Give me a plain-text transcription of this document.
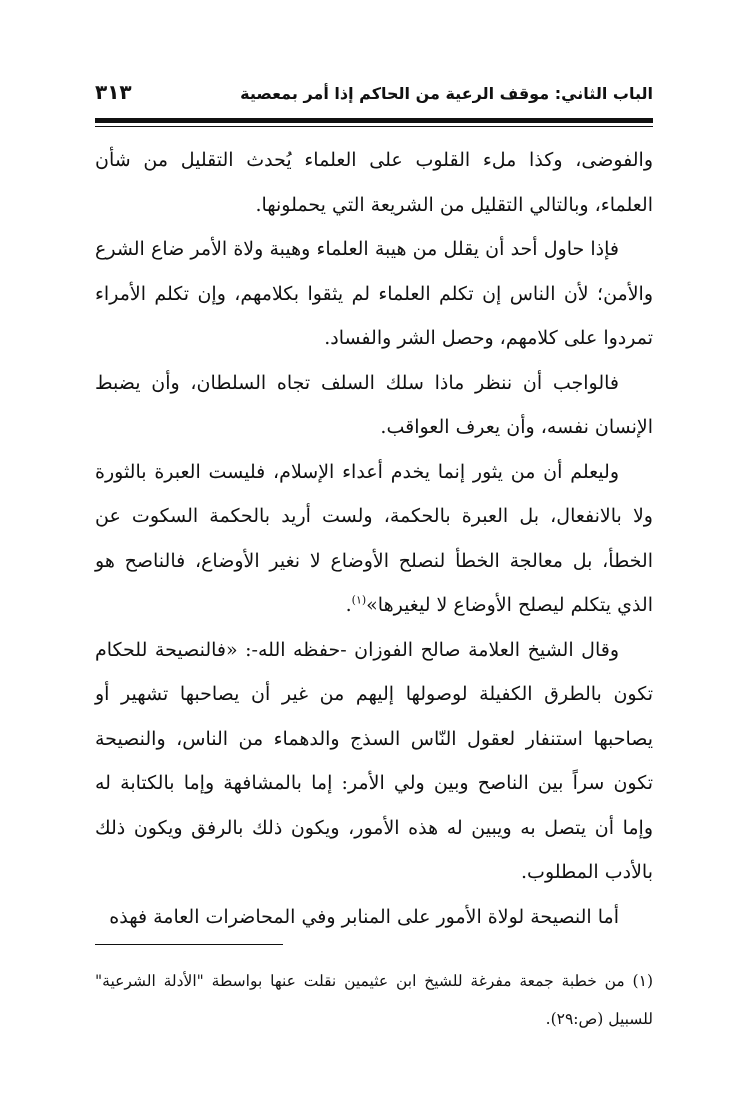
الباب الثاني: موقف الرعية من الحاكم إذا أمر بمعصية
٣١٣

والفوضى، وكذا ملء القلوب على العلماء يُحدث التقليل من شأن العلماء، وبالتالي التقليل من الشريعة التي يحملونها.

فإذا حاول أحد أن يقلل من هيبة العلماء وهيبة ولاة الأمر ضاع الشرع والأمن؛ لأن الناس إن تكلم العلماء لم يثقوا بكلامهم، وإن تكلم الأمراء تمردوا على كلامهم، وحصل الشر والفساد.

فالواجب أن ننظر ماذا سلك السلف تجاه السلطان، وأن يضبط الإنسان نفسه، وأن يعرف العواقب.

وليعلم أن من يثور إنما يخدم أعداء الإسلام، فليست العبرة بالثورة ولا بالانفعال، بل العبرة بالحكمة، ولست أريد بالحكمة السكوت عن الخطأ، بل معالجة الخطأ لنصلح الأوضاع لا نغير الأوضاع، فالناصح هو الذي يتكلم ليصلح الأوضاع لا ليغيرها»$^{(١)}$.

وقال الشيخ العلامة صالح الفوزان -حفظه الله-: «فالنصيحة للحكام تكون بالطرق الكفيلة لوصولها إليهم من غير أن يصاحبها تشهير أو يصاحبها استنفار لعقول النّاس السذج والدهماء من الناس، والنصيحة تكون سراً بين الناصح وبين ولي الأمر: إما بالمشافهة وإما بالكتابة له وإما أن يتصل به ويبين له هذه الأمور، ويكون ذلك بالرفق ويكون ذلك بالأدب المطلوب.

أما النصيحة لولاة الأمور على المنابر وفي المحاضرات العامة فهذه

(١) من خطبة جمعة مفرغة للشيخ ابن عثيمين نقلت عنها بواسطة "الأدلة الشرعية" للسبيل (ص:٢٩).
